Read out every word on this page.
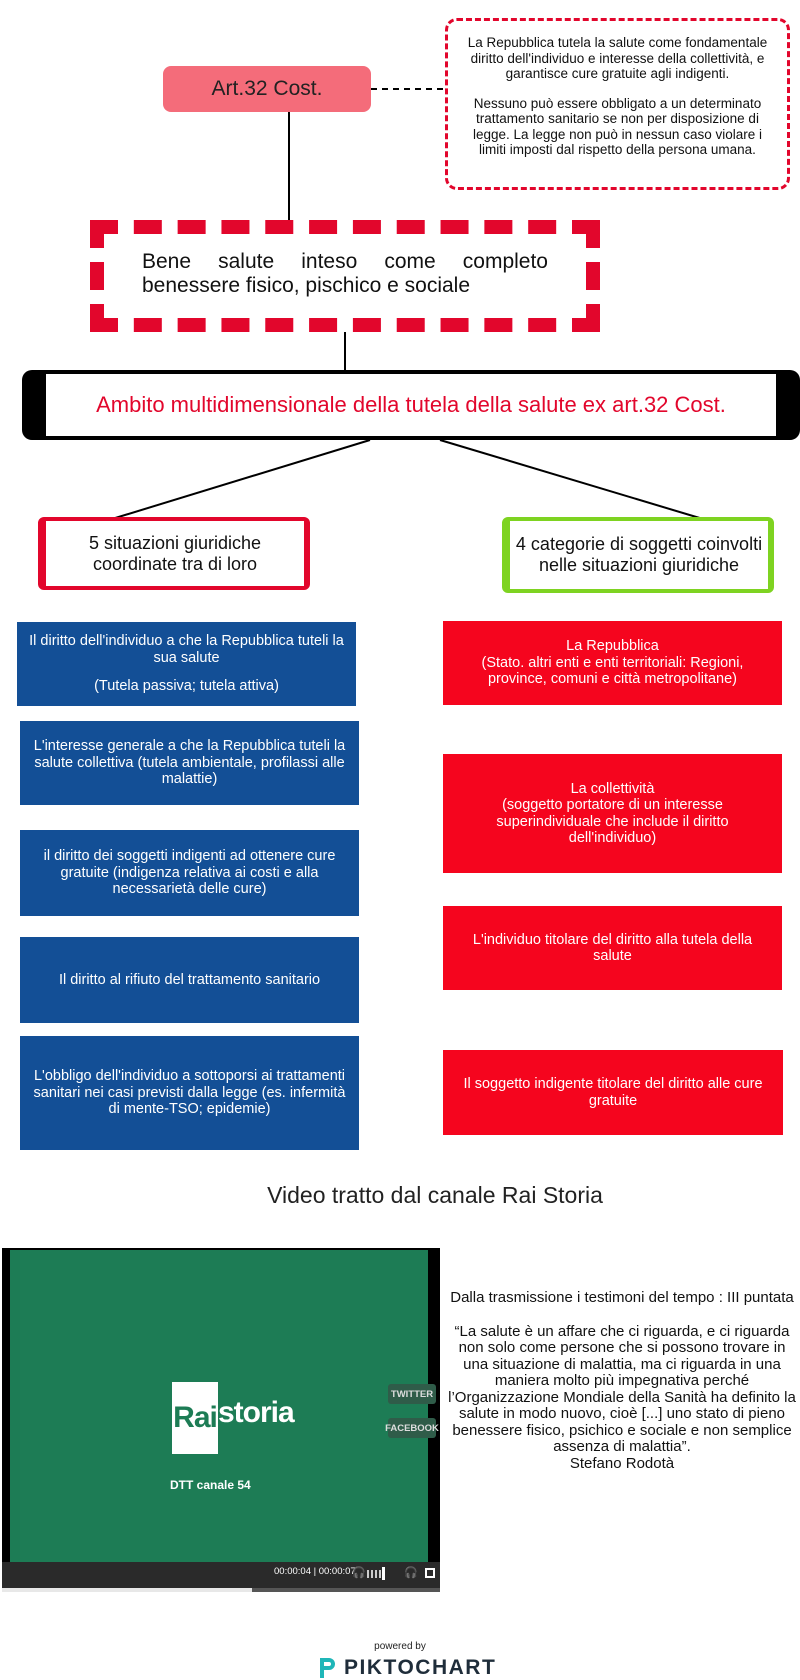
Art.32 Cost.

La Repubblica tutela la salute come fondamentale diritto dell'individuo e interesse della collettività, e garantisce cure gratuite agli indigenti.

Nessuno può essere obbligato a un determinato trattamento sanitario se non per disposizione di legge. La legge non può in nessun caso violare i limiti imposti dal rispetto della persona umana.

Bene salute inteso come completo
benessere fisico, pischico e sociale
Ambito multidimensionale della tutela della salute ex art.32 Cost.
5 situazioni giuridiche coordinate tra di loro
4 categorie di soggetti coinvolti nelle situazioni giuridiche

Il diritto dell'individuo a che la Repubblica tuteli la sua salute

(Tutela passiva; tutela attiva)

L'interesse generale a che la Repubblica tuteli la salute collettiva (tutela ambientale, profilassi alle malattie)

il diritto dei soggetti indigenti ad ottenere cure gratuite (indigenza relativa ai costi e alla necessarietà delle cure)

Il diritto al rifiuto del trattamento sanitario

L'obbligo dell'individuo a sottoporsi ai trattamenti sanitari nei casi previsti dalla legge (es. infermità di mente-TSO; epidemie)

La Repubblica

(Stato. altri enti e enti territoriali: Regioni, province, comuni e città metropolitane)

La collettività

(soggetto portatore di un interesse superindividuale che include il diritto dell'individuo)

L'individuo titolare del diritto alla tutela della salute

Il soggetto indigente titolare del diritto alle cure gratuite

Video tratto dal canale Rai Storia
Rai storia
DTT canale 54
TWITTER
FACEBOOK
00:00:04 | 00:00:07
🎧	🎧

Dalla trasmissione i testimoni del tempo : III puntata

“La salute è un affare che ci riguarda, e ci riguarda non solo come persone che si possono trovare in una situazione di malattia, ma ci riguarda in una maniera molto più impegnativa perché l’Organizzazione Mondiale della Sanità ha definito la salute in modo nuovo, cioè [...] uno stato di pieno benessere fisico, psichico e sociale e non semplice assenza di malattia”.

Stefano Rodotà

powered by
PIKTOCHART
